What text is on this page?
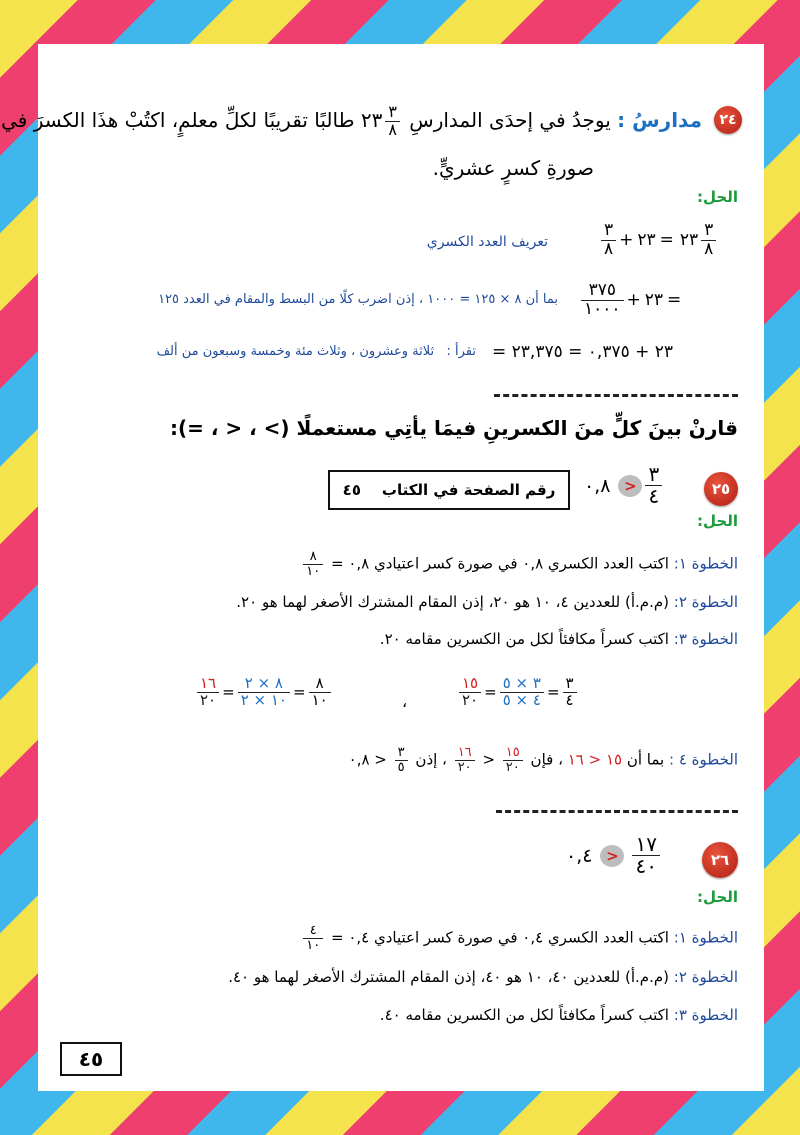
٢٤
مدارسُ : يوجدُ في إحدَى المدارسِ
$\frac{٣}{٨}$
٢٣ طالبًا تقريبًا لكلِّ معلمٍ، اكتُبْ هذَا الكسرَ في
صورةِ كسرٍ عشريٍّ.
الحل:
$\frac{٣}{٨}$ + ٢٣ = ٢٣ $\frac{٣}{٨}$
تعريف العدد الكسري
$\frac{٣٧٥}{١٠٠٠}$ + ٢٣ =
بما أن ٨ × ١٢٥ = ١٠٠٠ ، إذن اضرب كلًا من البسط والمقام في العدد ١٢٥
= ٢٣ + ٠,٣٧٥ = ٢٣,٣٧٥
تقرأ :   ثلاثة وعشرون ، وثلاث مئة وخمسة وسبعون من ألف
قارنْ بينَ كلٍّ منَ الكسرينِ فيمَا يأتِي مستعملًا (> ، < ، =):
٢٥
٠,٨ > $\frac{٣}{٤}$
رقم الصفحة في الكتاب

٤٥
الحل:
الخطوة ١: اكتب العدد الكسري ٠,٨ في صورة كسر اعتيادي ٠,٨ =
$\frac{٨}{١٠}$
الخطوة ٢: (م.م.أ) للعددين ٤، ١٠ هو ٢٠، إذن المقام المشترك الأصغر لهما هو ٢٠.
الخطوة ٣: اكتب كسراً مكافئاً لكل من الكسرين مقامه ٢٠.
$\frac{١٥}{٢٠} = \frac{٣ \times ٥}{٤ \times ٥} = \frac{٣}{٤}$
،
$\frac{١٦}{٢٠} = \frac{٨ \times ٢}{١٠ \times ٢} = \frac{٨}{١٠}$
الخطوة ٤ : بما أن ١٥ < ١٦ ، فإن
$\frac{١٥}{٢٠}$
<
$\frac{١٦}{٢٠}$
، إذن
$\frac{٣}{٥}$
< ٠,٨
٢٦
٠,٤ > $\frac{١٧}{٤٠}$
الحل:
الخطوة ١: اكتب العدد الكسري ٠,٤ في صورة كسر اعتيادي ٠,٤ =
$\frac{٤}{١٠}$
الخطوة ٢: (م.م.أ) للعددين ٤٠، ١٠ هو ٤٠، إذن المقام المشترك الأصغر لهما هو ٤٠.
الخطوة ٣: اكتب كسراً مكافئاً لكل من الكسرين مقامه ٤٠.
٤٥
